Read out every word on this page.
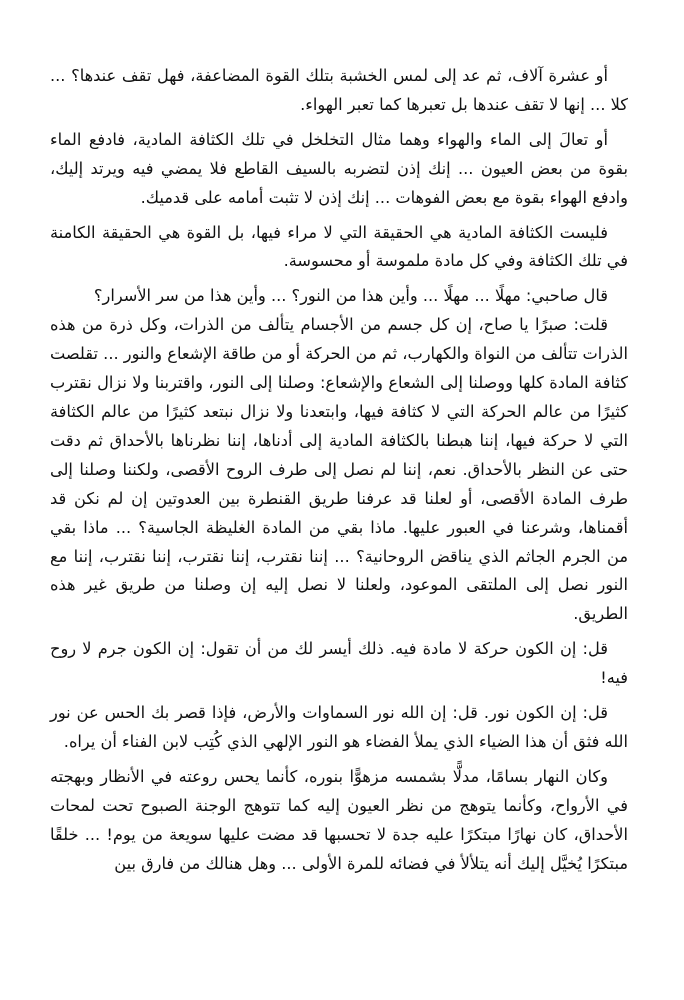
أو عشرة آلاف، ثم عد إلى لمس الخشبة بتلك القوة المضاعفة، فهل تقف عندها؟ ... كلا ... إنها لا تقف عندها بل تعبرها كما تعبر الهواء.

أو تعالَ إلى الماء والهواء وهما مثال التخلخل في تلك الكثافة المادية، فادفع الماء بقوة من بعض العيون ... إنك إذن لتضربه بالسيف القاطع فلا يمضي فيه ويرتد إليك، وادفع الهواء بقوة مع بعض الفوهات ... إنك إذن لا تثبت أمامه على قدميك.

فليست الكثافة المادية هي الحقيقة التي لا مراء فيها، بل القوة هي الحقيقة الكامنة في تلك الكثافة وفي كل مادة ملموسة أو محسوسة.

قال صاحبي: مهلًا ... مهلًا ... وأين هذا من النور؟ ... وأين هذا من سر الأسرار؟

قلت: صبرًا يا صاح، إن كل جسم من الأجسام يتألف من الذرات، وكل ذرة من هذه الذرات تتألف من النواة والكهارب، ثم من الحركة أو من طاقة الإشعاع والنور ... تقلصت كثافة المادة كلها ووصلنا إلى الشعاع والإشعاع: وصلنا إلى النور، واقتربنا ولا نزال نقترب كثيرًا من عالم الحركة التي لا كثافة فيها، وابتعدنا ولا نزال نبتعد كثيرًا من عالم الكثافة التي لا حركة فيها، إننا هبطنا بالكثافة المادية إلى أدناها، إننا نظرناها بالأحداق ثم دقت حتى عن النظر بالأحداق. نعم، إننا لم نصل إلى طرف الروح الأقصى، ولكننا وصلنا إلى طرف المادة الأقصى، أو لعلنا قد عرفنا طريق القنطرة بين العدوتين إن لم نكن قد أقمناها، وشرعنا في العبور عليها. ماذا بقي من المادة الغليظة الجاسية؟ ... ماذا بقي من الجرم الجاثم الذي يناقض الروحانية؟ ... إننا نقترب، إننا نقترب، إننا نقترب، إننا مع النور نصل إلى الملتقى الموعود، ولعلنا لا نصل إليه إن وصلنا من طريق غير هذه الطريق.

قل: إن الكون حركة لا مادة فيه. ذلك أيسر لك من أن تقول: إن الكون جرم لا روح فيه!

قل: إن الكون نور. قل: إن الله نور السماوات والأرض، فإذا قصر بك الحس عن نور الله فثق أن هذا الضياء الذي يملأ الفضاء هو النور الإلهي الذي كُتِب لابن الفناء أن يراه.

وكان النهار بسامًا، مدلًّا بشمسه مزهوًّا بنوره، كأنما يحس روعته في الأنظار وبهجته في الأرواح، وكأنما يتوهج من نظر العيون إليه كما تتوهج الوجنة الصبوح تحت لمحات الأحداق، كان نهارًا مبتكرًا عليه جدة لا تحسبها قد مضت عليها سويعة من يوم! ... خلقًا مبتكرًا يُخيَّل إليك أنه يتلألأ في فضائه للمرة الأولى ... وهل هنالك من فارق بين
